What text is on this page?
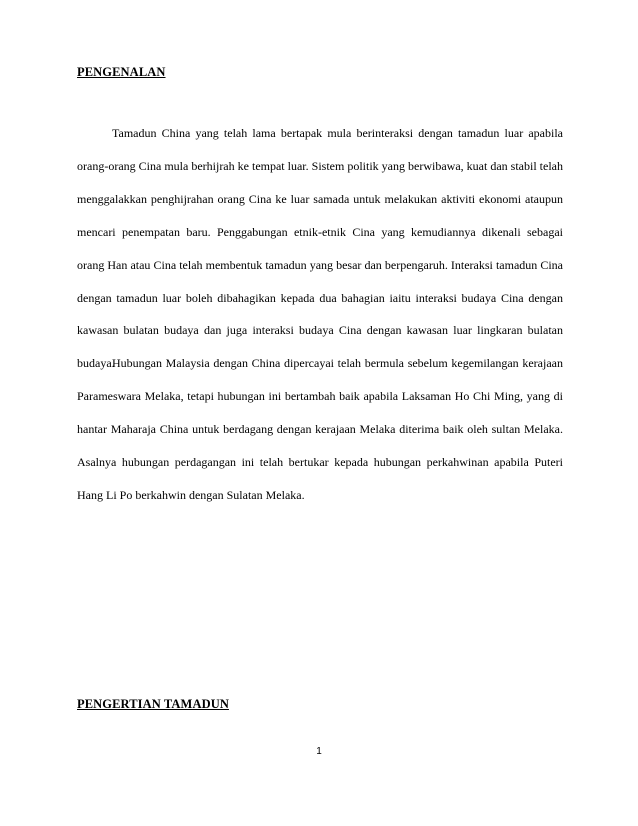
PENGENALAN

Tamadun China yang telah lama bertapak mula berinteraksi dengan tamadun luar apabila orang-orang Cina mula berhijrah ke tempat luar. Sistem politik yang berwibawa, kuat dan stabil telah menggalakkan penghijrahan orang Cina ke luar samada untuk melakukan aktiviti ekonomi ataupun mencari penempatan baru. Penggabungan etnik-etnik Cina yang kemudiannya dikenali sebagai orang Han atau Cina telah membentuk tamadun yang besar dan berpengaruh. Interaksi tamadun Cina dengan tamadun luar boleh dibahagikan kepada dua bahagian iaitu interaksi budaya Cina dengan kawasan bulatan budaya dan juga interaksi budaya Cina dengan kawasan luar lingkaran bulatan budaya.

Hubungan Malaysia dengan China dipercayai telah bermula sebelum kegemilangan kerajaan Parameswara Melaka, tetapi hubungan ini bertambah baik apabila Laksaman Ho Chi Ming, yang di hantar Maharaja China untuk berdagang dengan kerajaan Melaka diterima baik oleh sultan Melaka. Asalnya hubungan perdagangan ini telah bertukar kepada hubungan perkahwinan apabila Puteri Hang Li Po berkahwin dengan Sulatan Melaka.

PENGERTIAN TAMADUN
1
